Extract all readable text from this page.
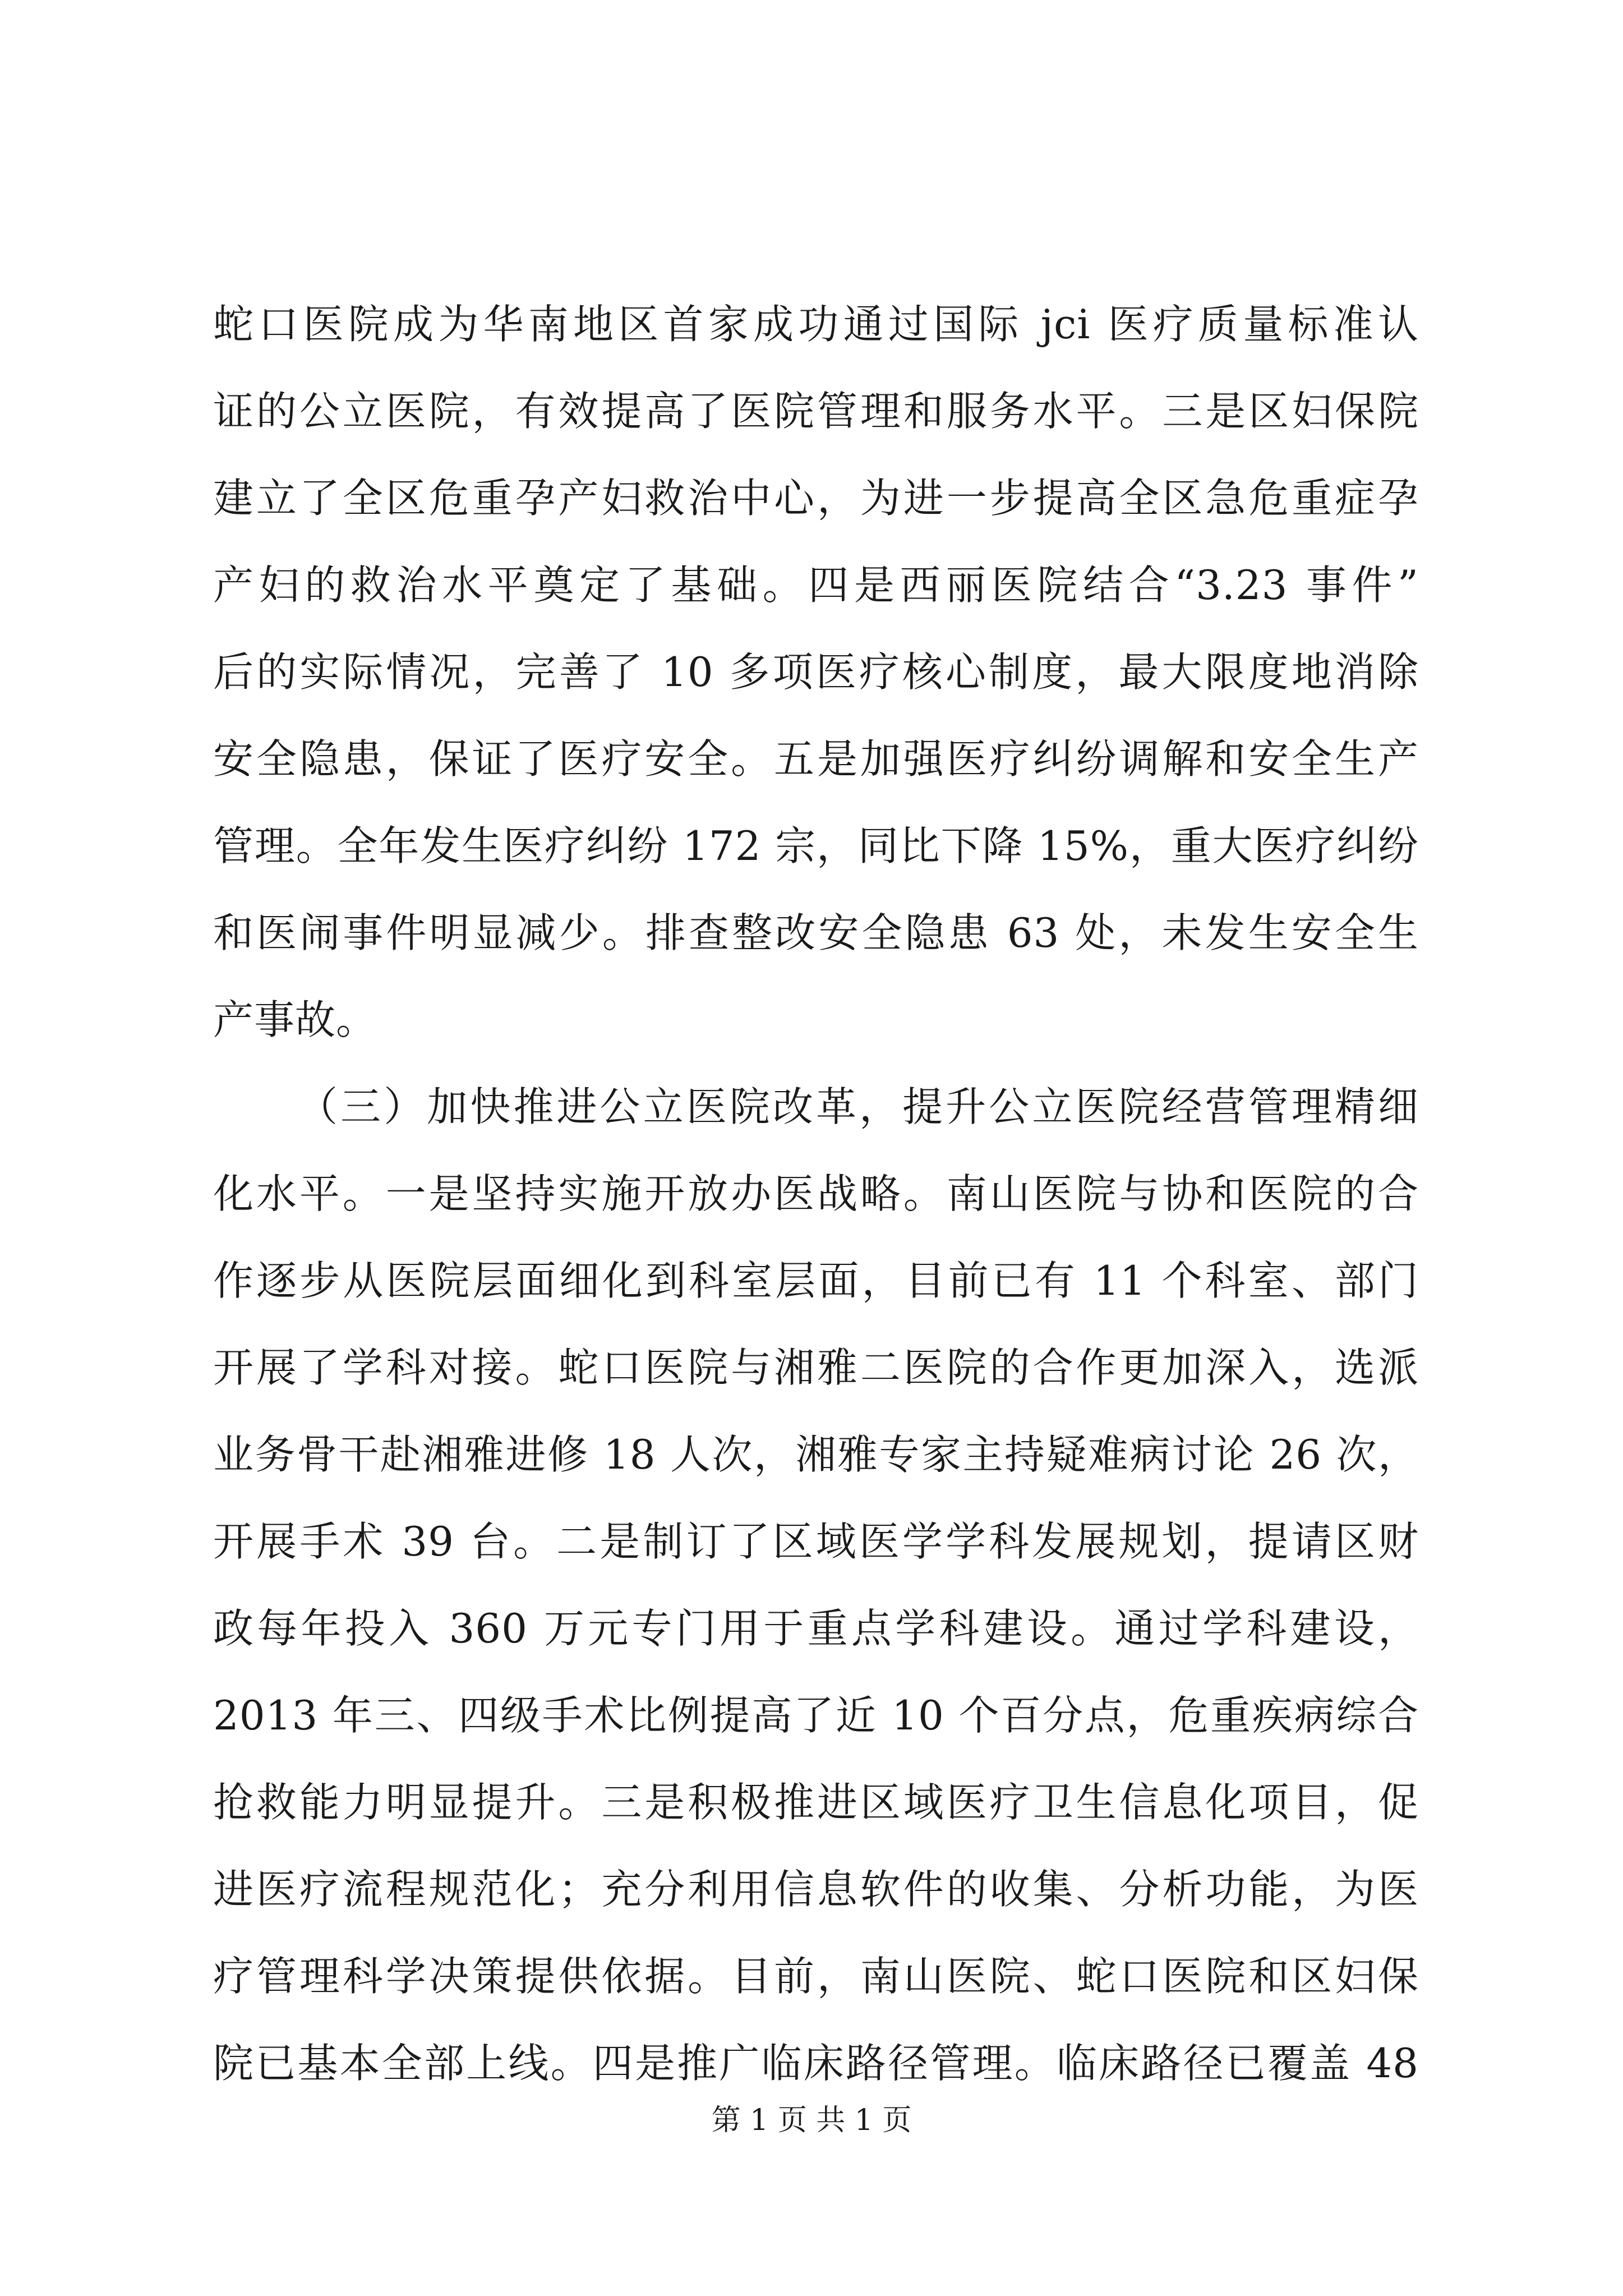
蛇口医院成为华南地区首家成功通过国际 jci 医疗质量标准认
证的公立医院，有效提高了医院管理和服务水平。三是区妇保院
建立了全区危重孕产妇救治中心，为进一步提高全区急危重症孕
产妇的救治水平奠定了基础。四是西丽医院结合“3.23 事件”
后的实际情况，完善了 10 多项医疗核心制度，最大限度地消除
安全隐患，保证了医疗安全。五是加强医疗纠纷调解和安全生产
管理。全年发生医疗纠纷 172 宗，同比下降 15%，重大医疗纠纷
和医闹事件明显减少。排查整改安全隐患 63 处，未发生安全生
产事故。
（三）加快推进公立医院改革，提升公立医院经营管理精细
化水平。一是坚持实施开放办医战略。南山医院与协和医院的合
作逐步从医院层面细化到科室层面，目前已有 11 个科室、部门
开展了学科对接。蛇口医院与湘雅二医院的合作更加深入，选派
业务骨干赴湘雅进修 18 人次，湘雅专家主持疑难病讨论 26 次，
开展手术 39 台。二是制订了区域医学学科发展规划，提请区财
政每年投入 360 万元专门用于重点学科建设。通过学科建设，
2013 年三、四级手术比例提高了近 10 个百分点，危重疾病综合
抢救能力明显提升。三是积极推进区域医疗卫生信息化项目，促
进医疗流程规范化；充分利用信息软件的收集、分析功能，为医
疗管理科学决策提供依据。目前，南山医院、蛇口医院和区妇保
院已基本全部上线。四是推广临床路径管理。临床路径已覆盖 48
第 1 页 共 1 页
